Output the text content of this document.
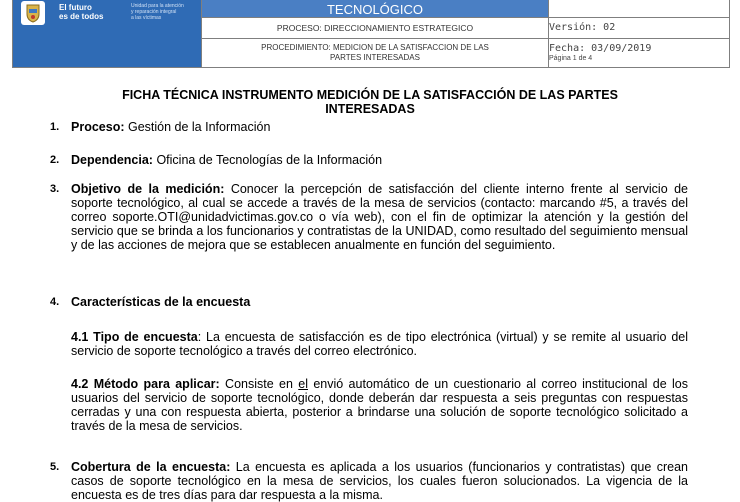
El futuro
es de todos
Unidad para la atención
y reparación integral
a las víctimas	TECNOLÓGICO	
	PROCESO: DIRECCIONAMIENTO ESTRATEGICO	Versión: 02
	PROCEDIMIENTO: MEDICION DE LA SATISFACCION DE LAS
PARTES INTERESADAS	Fecha: 03/09/2019
Página 1 de 4
FICHA TÉCNICA INSTRUMENTO MEDICIÓN DE LA SATISFACCIÓN DE LAS PARTES
INTERESADAS
1. Proceso: Gestión de la Información
2. Dependencia: Oficina de Tecnologías de la Información
3. Objetivo de la medición: Conocer la percepción de satisfacción del cliente interno frente al servicio de soporte tecnológico, al cual se accede a través de la mesa de servicios (contacto: marcando #5, a través del correo soporte.OTI@unidadvictimas.gov.co o vía web), con el fin de optimizar la atención y la gestión del servicio que se brinda a los funcionarios y contratistas de la UNIDAD, como resultado del seguimiento mensual y de las acciones de mejora que se establecen anualmente en función del seguimiento.
4. Características de la encuesta
4.1 Tipo de encuesta: La encuesta de satisfacción es de tipo electrónica (virtual) y se remite al usuario del servicio de soporte tecnológico a través del correo electrónico.
4.2 Método para aplicar: Consiste en el envió automático de un cuestionario al correo institucional de los usuarios del servicio de soporte tecnológico, donde deberán dar respuesta a seis preguntas con respuestas cerradas y una con respuesta abierta, posterior a brindarse una solución de soporte tecnológico solicitado a través de la mesa de servicios.
5. Cobertura de la encuesta: La encuesta es aplicada a los usuarios (funcionarios y contratistas) que crean casos de soporte tecnológico en la mesa de servicios, los cuales fueron solucionados. La vigencia de la encuesta es de tres días para dar respuesta a la misma.
